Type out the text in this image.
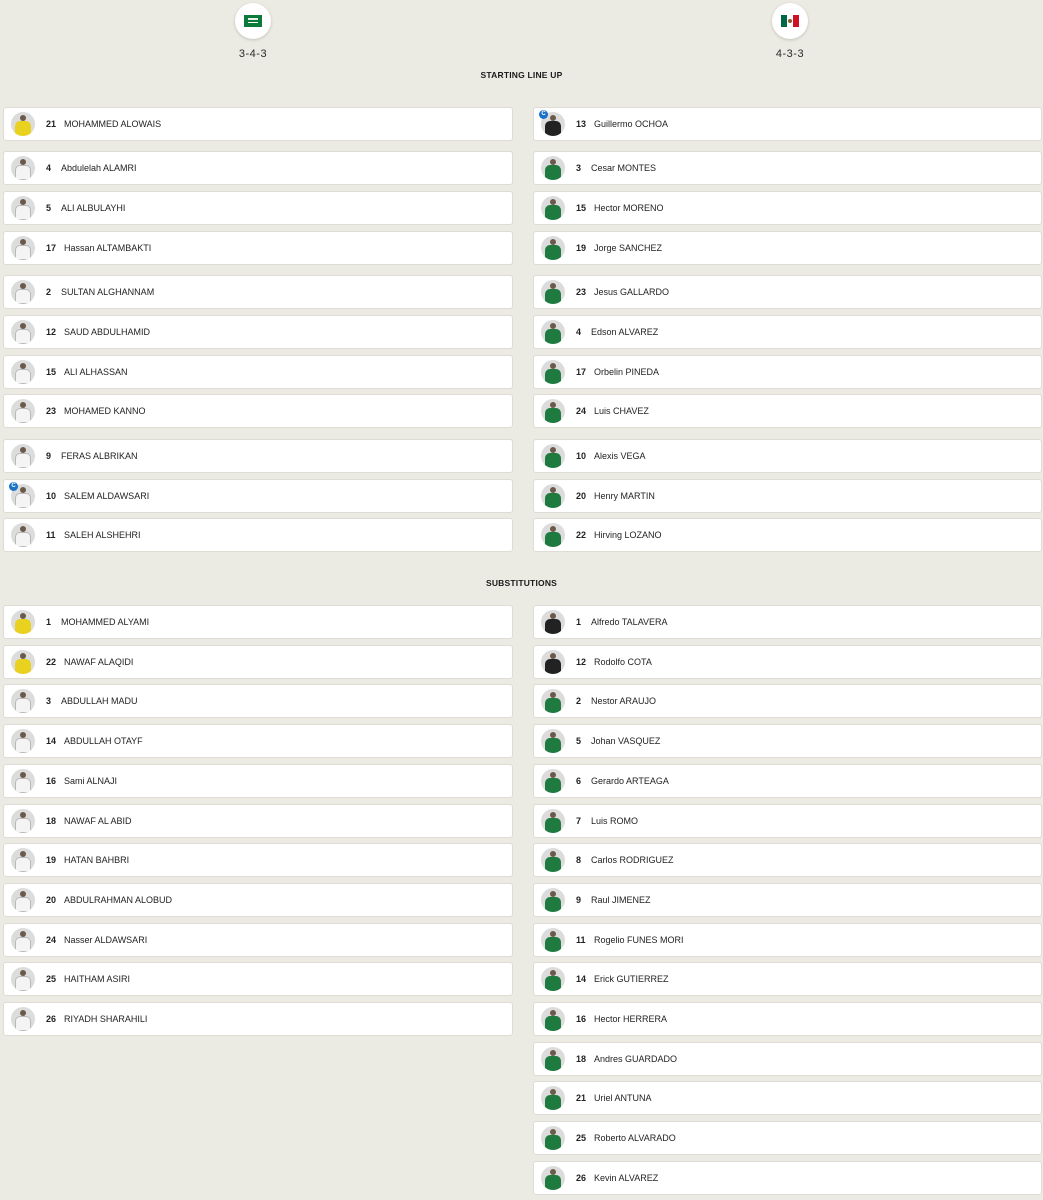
3-4-3	4-3-3
STARTING LINE UP
SUBSTITUTIONS
21 MOHAMMED ALOWAIS
4 Abdulelah ALAMRI
5 ALI ALBULAYHI
17 Hassan ALTAMBAKTI
2 SULTAN ALGHANNAM
12 SAUD ABDULHAMID
15 ALI ALHASSAN
23 MOHAMED KANNO
9 FERAS ALBRIKAN
C
10 SALEM ALDAWSARI
11 SALEH ALSHEHRI
1 MOHAMMED ALYAMI
22 NAWAF ALAQIDI
3 ABDULLAH MADU
14 ABDULLAH OTAYF
16 Sami ALNAJI
18 NAWAF AL ABID
19 HATAN BAHBRI
20 ABDULRAHMAN ALOBUD
24 Nasser ALDAWSARI
25 HAITHAM ASIRI
26 RIYADH SHARAHILI
C
13 Guillermo OCHOA
3 Cesar MONTES
15 Hector MORENO
19 Jorge SANCHEZ
23 Jesus GALLARDO
4 Edson ALVAREZ
17 Orbelin PINEDA
24 Luis CHAVEZ
10 Alexis VEGA
20 Henry MARTIN
22 Hirving LOZANO
1 Alfredo TALAVERA
12 Rodolfo COTA
2 Nestor ARAUJO
5 Johan VASQUEZ
6 Gerardo ARTEAGA
7 Luis ROMO
8 Carlos RODRIGUEZ
9 Raul JIMENEZ
11 Rogelio FUNES MORI
14 Erick GUTIERREZ
16 Hector HERRERA
18 Andres GUARDADO
21 Uriel ANTUNA
25 Roberto ALVARADO
26 Kevin ALVAREZ
